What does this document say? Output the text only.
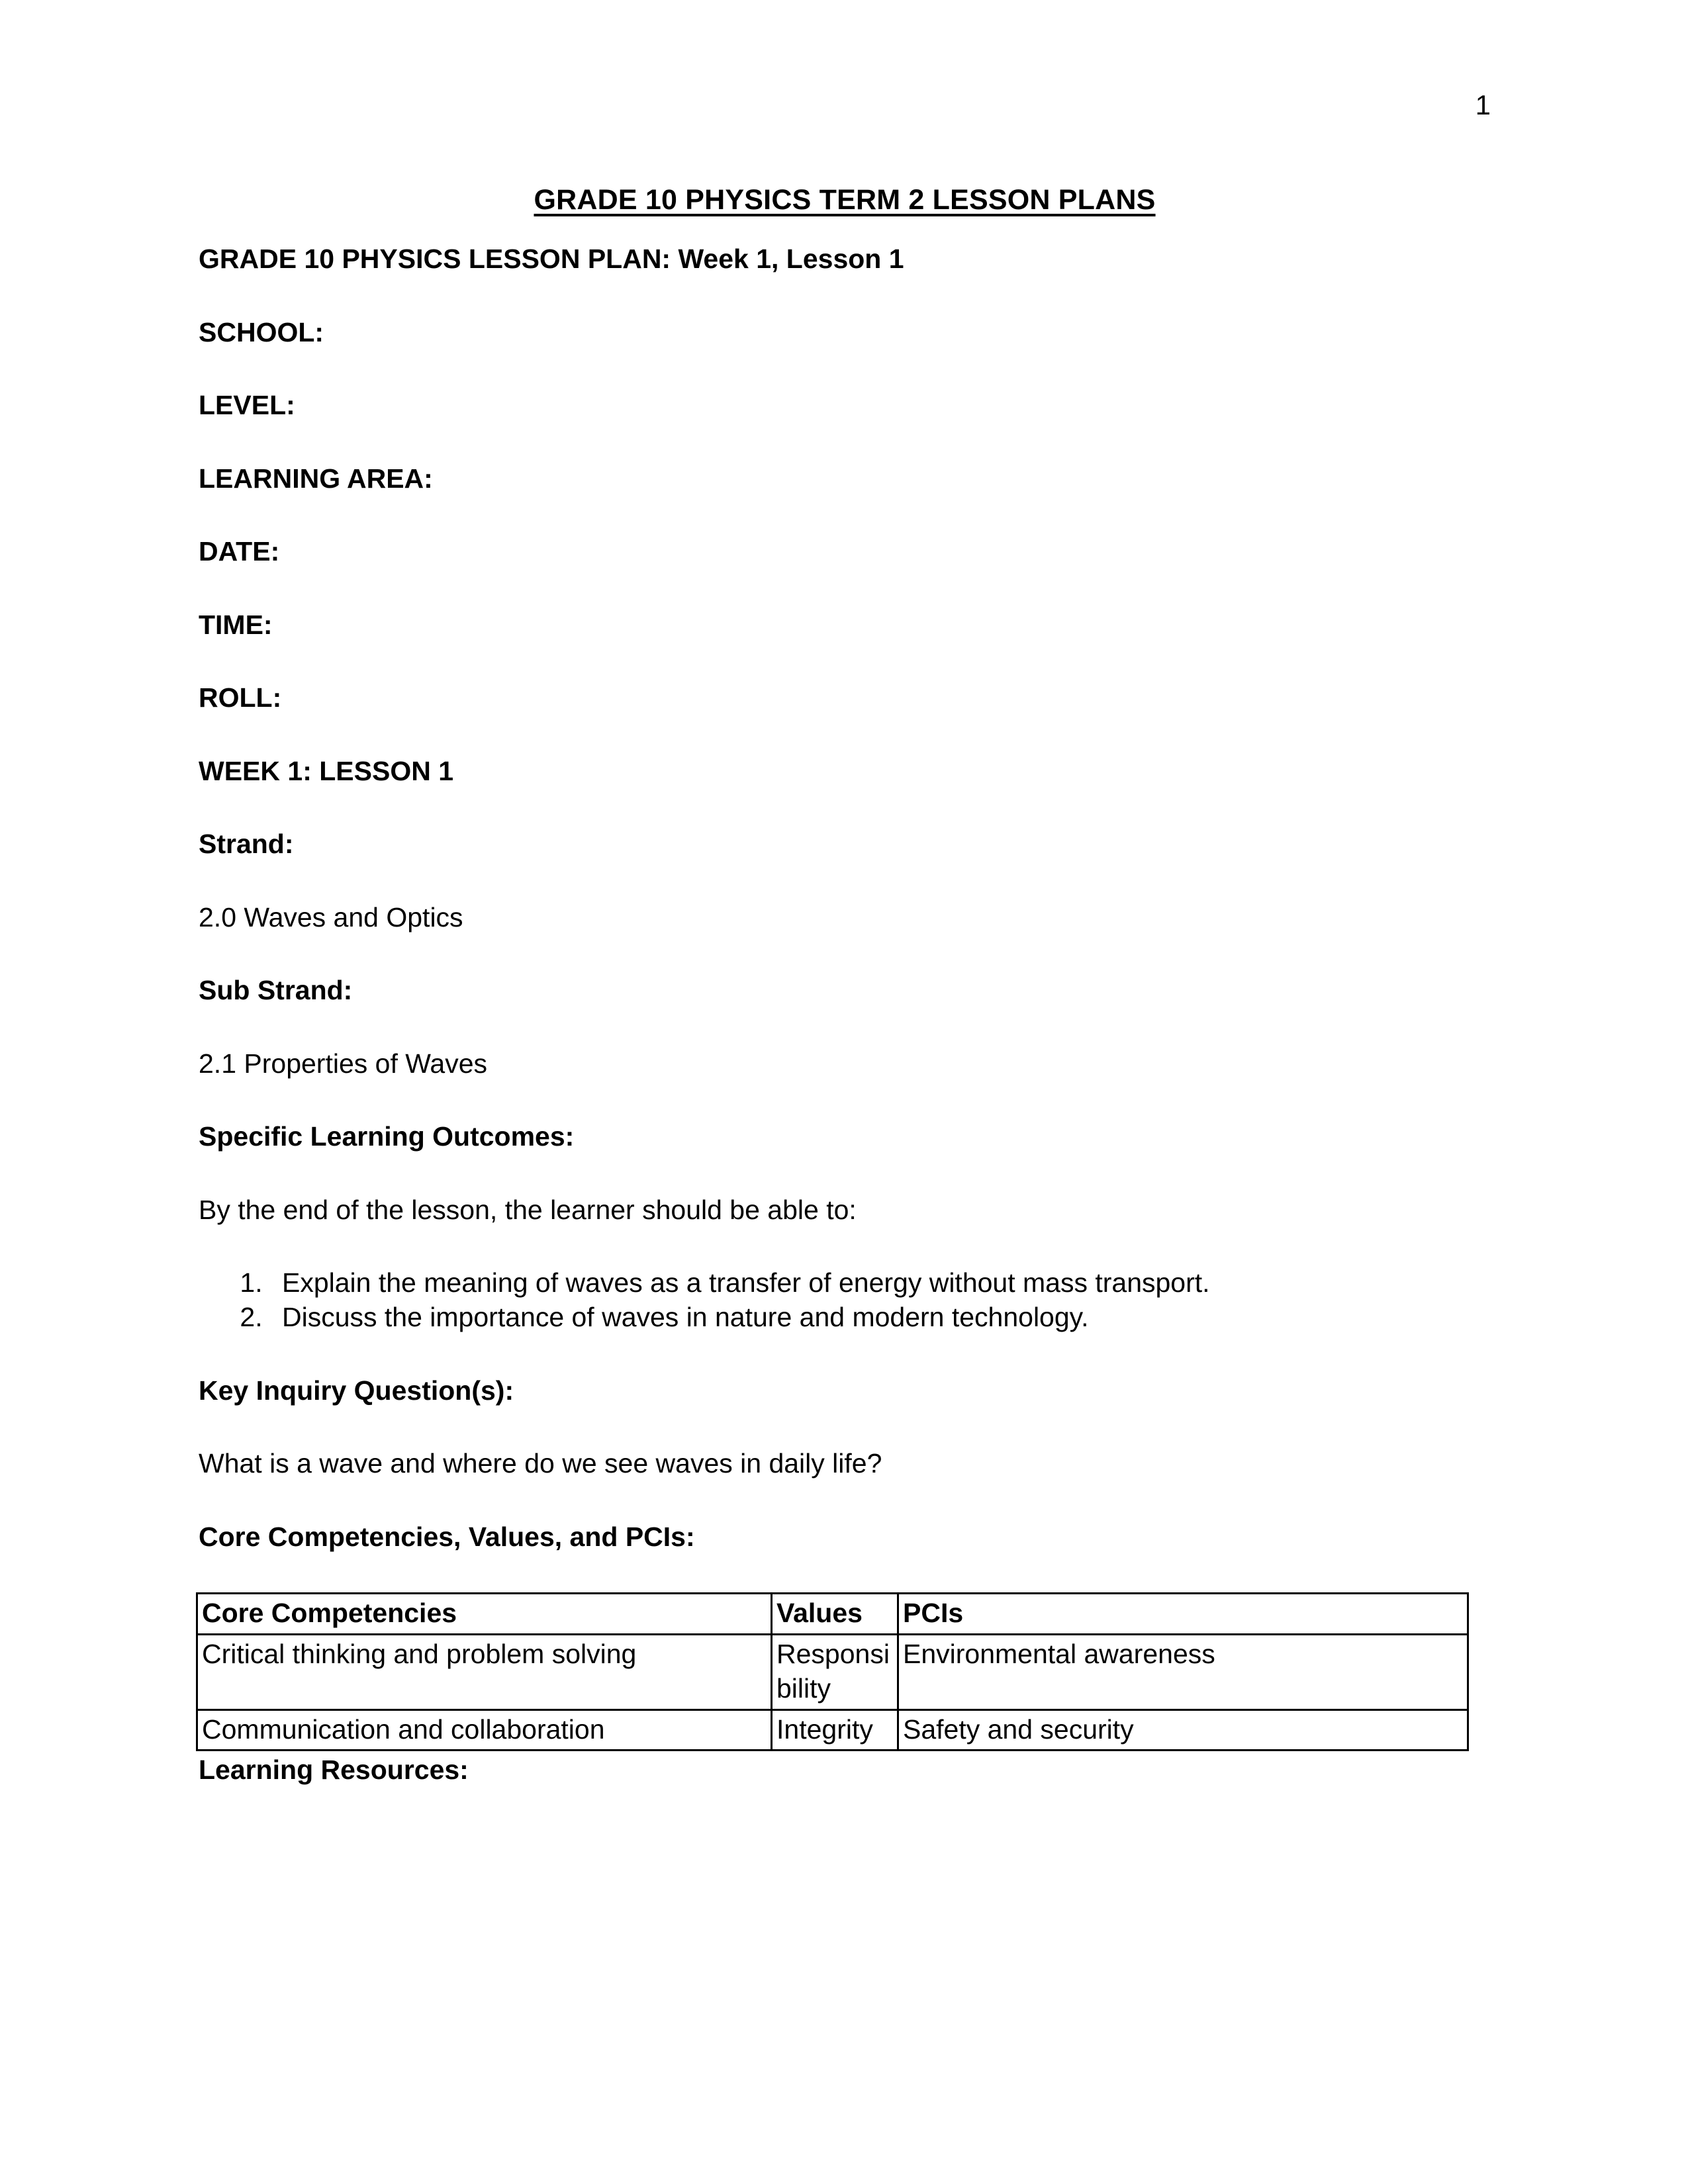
1
GRADE 10 PHYSICS TERM 2 LESSON PLANS

GRADE 10 PHYSICS LESSON PLAN: Week 1, Lesson 1

SCHOOL:

LEVEL:

LEARNING AREA:

DATE:

TIME:

ROLL:

WEEK 1: LESSON 1

Strand:

2.0 Waves and Optics

Sub Strand:

2.1 Properties of Waves

Specific Learning Outcomes:

By the end of the lesson, the learner should be able to:

1. Explain the meaning of waves as a transfer of energy without mass transport.
2. Discuss the importance of waves in nature and modern technology.

Key Inquiry Question(s):

What is a wave and where do we see waves in daily life?

Core Competencies, Values, and PCIs:

Core Competencies	Values	PCIs
Critical thinking and problem solving	Responsibility	Environmental awareness
Communication and collaboration	Integrity	Safety and security

Learning Resources:
